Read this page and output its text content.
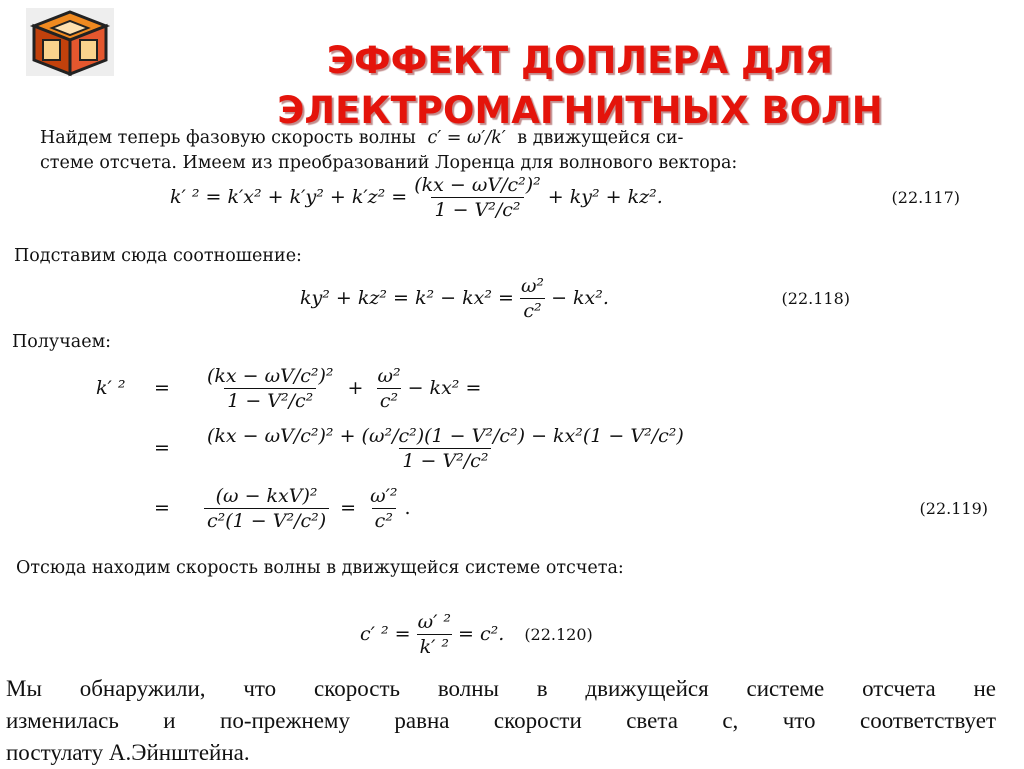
ЭФФЕКТ ДОПЛЕРА ДЛЯ
ЭЛЕКТРОМАГНИТНЫХ ВОЛН
Найдем теперь фазовую скорость волны c′ = ω′/k′ в движущейся си-
стеме отсчета. Имеем из преобразований Лоренца для волнового вектора:
k′ $^2 = k'x^2 + k'y^2 + k'z^2 = \frac{\text{(kx − ωV/c²)²}}{\text{1 − V²/c²}} + ky^2 + kz^2$.	(22.117)
Подставим сюда соотношение:
$ky^2 + kz^2 = k^2 - kx^2 = \frac{\text{ω²}}{\text{c²}} - kx^2$.	(22.118)
Получаем:
k′ ²	=	$\frac{\text{(kx − ωV/c²)²}}{\text{1 − V²/c²}} + \frac{\text{ω²}}{\text{c²}} - kx^2$ =
=	$\frac{\text{(kx − ωV/c²)² + (ω²/c²)(1 − V²/c²) − kx²(1 − V²/c²)}}{\text{1 − V²/c²}}$
=	$\frac{\text{(ω − kxV)²}}{\text{c²(1 − V²/c²)}} = \frac{\text{ω′²}}{\text{c²}}$ .	(22.119)
Отсюда находим скорость волны в движущейся системе отсчета:
c′ $^2 = \frac{\text{ω′ ²}}{\text{k′ ²}} = c^2$. (22.120)
Мы обнаружили, что скорость волны в движущейся системе отсчета не
изменилась и по-прежнему равна скорости света с, что соответствует
постулату А.Эйнштейна.
